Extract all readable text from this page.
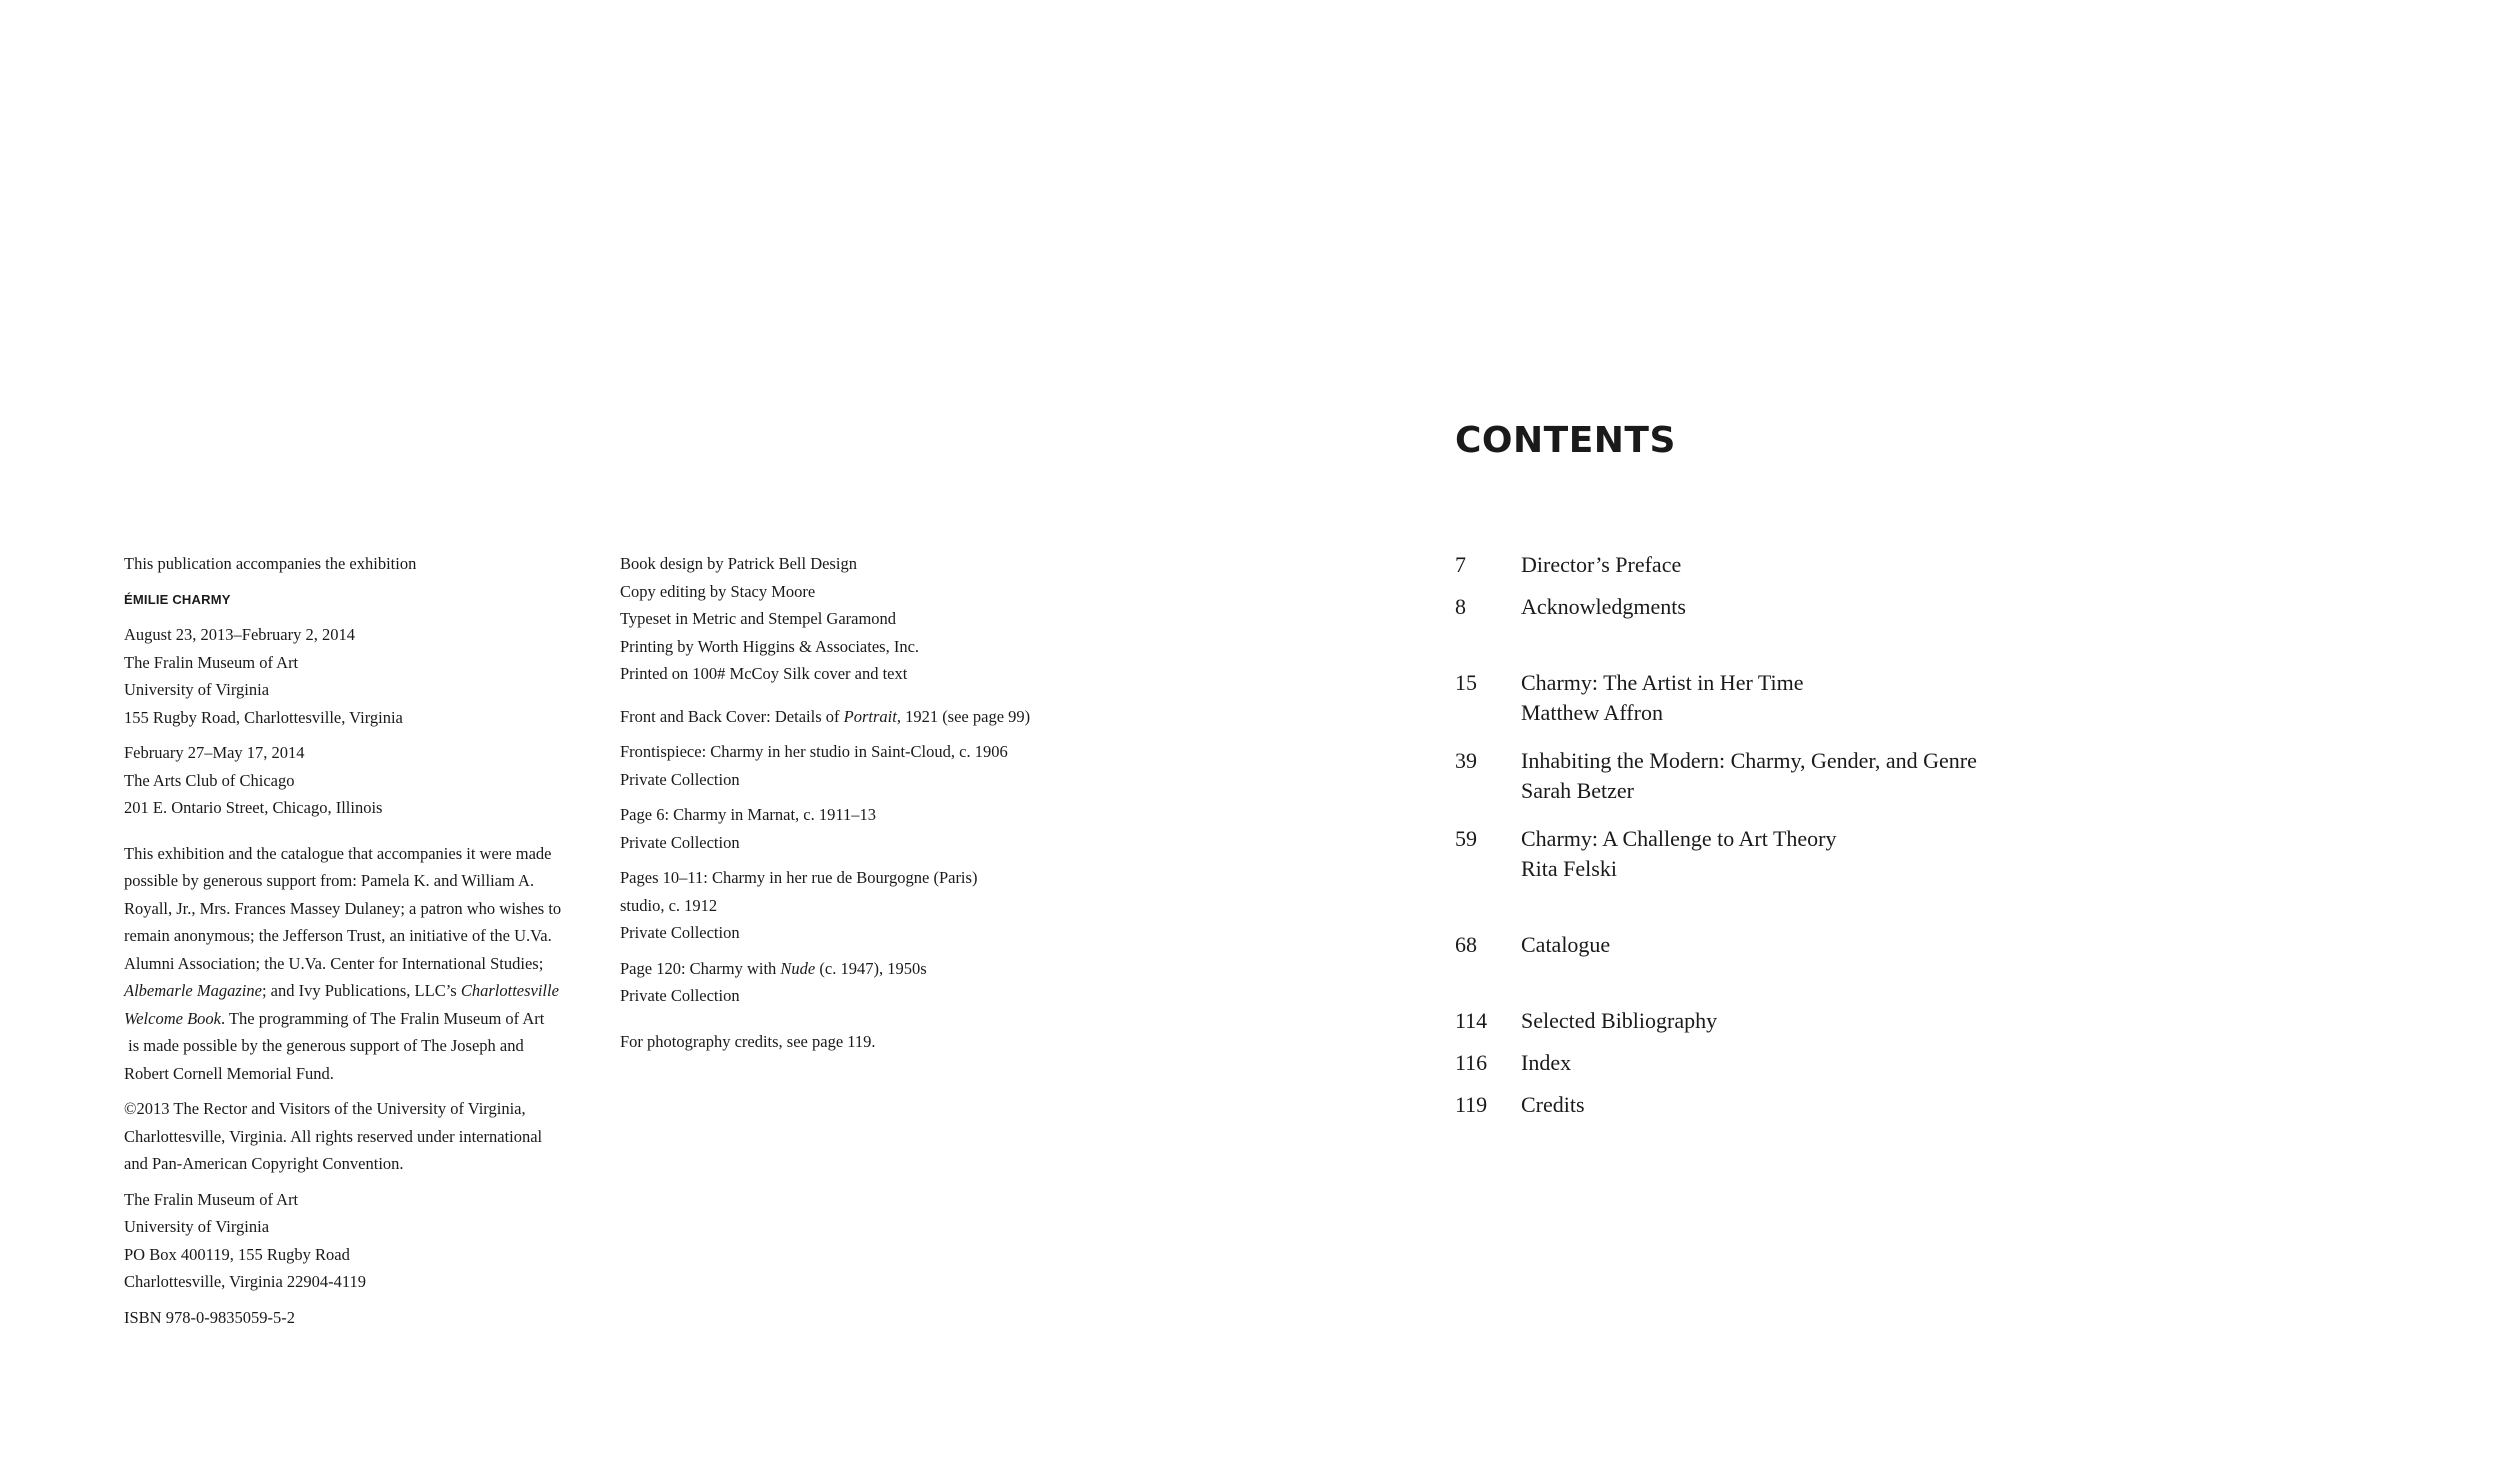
This publication accompanies the exhibition

ÉMILIE CHARMY

August 23, 2013–February 2, 2014

The Fralin Museum of Art

University of Virginia

155 Rugby Road, Charlottesville, Virginia

February 27–May 17, 2014

The Arts Club of Chicago

201 E. Ontario Street, Chicago, Illinois

This exhibition and the catalogue that accompanies it were made

possible by generous support from: Pamela K. and William A.

Royall, Jr., Mrs. Frances Massey Dulaney; a patron who wishes to

remain anonymous; the Jefferson Trust, an initiative of the U.Va.

Alumni Association; the U.Va. Center for International Studies;

Albemarle Magazine; and Ivy Publications, LLC’s Charlottesville

Welcome Book. The programming of The Fralin Museum of Art

is made possible by the generous support of The Joseph and

Robert Cornell Memorial Fund.

©2013 The Rector and Visitors of the University of Virginia,

Charlottesville, Virginia. All rights reserved under international

and Pan-American Copyright Convention.

The Fralin Museum of Art

University of Virginia

PO Box 400119, 155 Rugby Road

Charlottesville, Virginia 22904-4119

ISBN 978-0-9835059-5-2

Book design by Patrick Bell Design

Copy editing by Stacy Moore

Typeset in Metric and Stempel Garamond

Printing by Worth Higgins & Associates, Inc.

Printed on 100# McCoy Silk cover and text

Front and Back Cover: Details of Portrait, 1921 (see page 99)

Frontispiece: Charmy in her studio in Saint-Cloud, c. 1906

Private Collection

Page 6: Charmy in Marnat, c. 1911–13

Private Collection

Pages 10–11: Charmy in her rue de Bourgogne (Paris)

studio, c. 1912

Private Collection

Page 120: Charmy with Nude (c. 1947), 1950s

Private Collection

For photography credits, see page 119.

CONTENTS
7	Director’s Preface
8	Acknowledgments
15	Charmy: The Artist in Her Time
Matthew Affron
39	Inhabiting the Modern: Charmy, Gender, and Genre
Sarah Betzer
59	Charmy: A Challenge to Art Theory
Rita Felski
68	Catalogue
114	Selected Bibliography
116	Index
119	Credits
